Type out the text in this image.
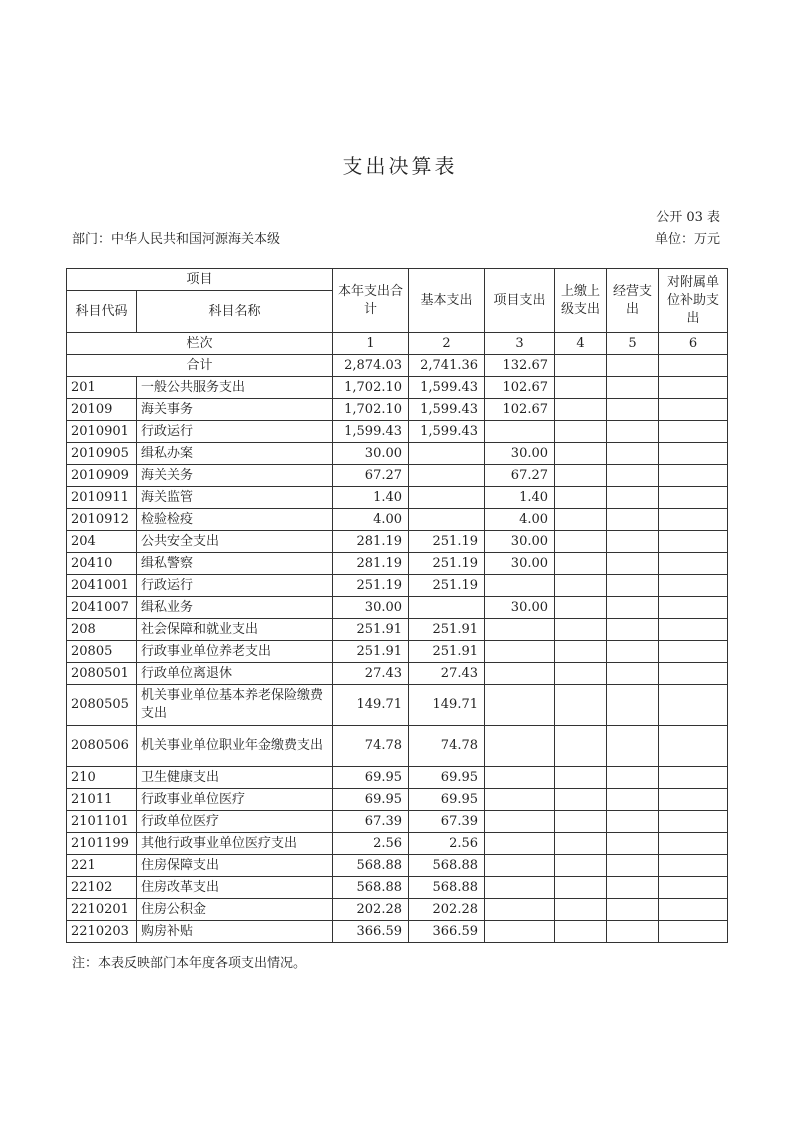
支出决算表
公开 03 表
部门：中华人民共和国河源海关本级	单位：万元
项目		本年支出合计	基本支出	项目支出	上缴上级支出	经营支出	对附属单位补助支出
科目代码	科目名称						
栏次		1	2	3	4	5	6
合计		2,874.03	2,741.36	132.67			
201	一般公共服务支出	1,702.10	1,599.43	102.67			
20109	海关事务	1,702.10	1,599.43	102.67			
2010901	行政运行	1,599.43	1,599.43				
2010905	缉私办案	30.00		30.00			
2010909	海关关务	67.27		67.27			
2010911	海关监管	1.40		1.40			
2010912	检验检疫	4.00		4.00			
204	公共安全支出	281.19	251.19	30.00			
20410	缉私警察	281.19	251.19	30.00			
2041001	行政运行	251.19	251.19				
2041007	缉私业务	30.00		30.00			
208	社会保障和就业支出	251.91	251.91				
20805	行政事业单位养老支出	251.91	251.91				
2080501	行政单位离退休	27.43	27.43				
2080505	机关事业单位基本养老保险缴费支出	149.71	149.71				
2080506	机关事业单位职业年金缴费支出	74.78	74.78				
210	卫生健康支出	69.95	69.95				
21011	行政事业单位医疗	69.95	69.95				
2101101	行政单位医疗	67.39	67.39				
2101199	其他行政事业单位医疗支出	2.56	2.56				
221	住房保障支出	568.88	568.88				
22102	住房改革支出	568.88	568.88				
2210201	住房公积金	202.28	202.28				
2210203	购房补贴	366.59	366.59				
注：本表反映部门本年度各项支出情况。
